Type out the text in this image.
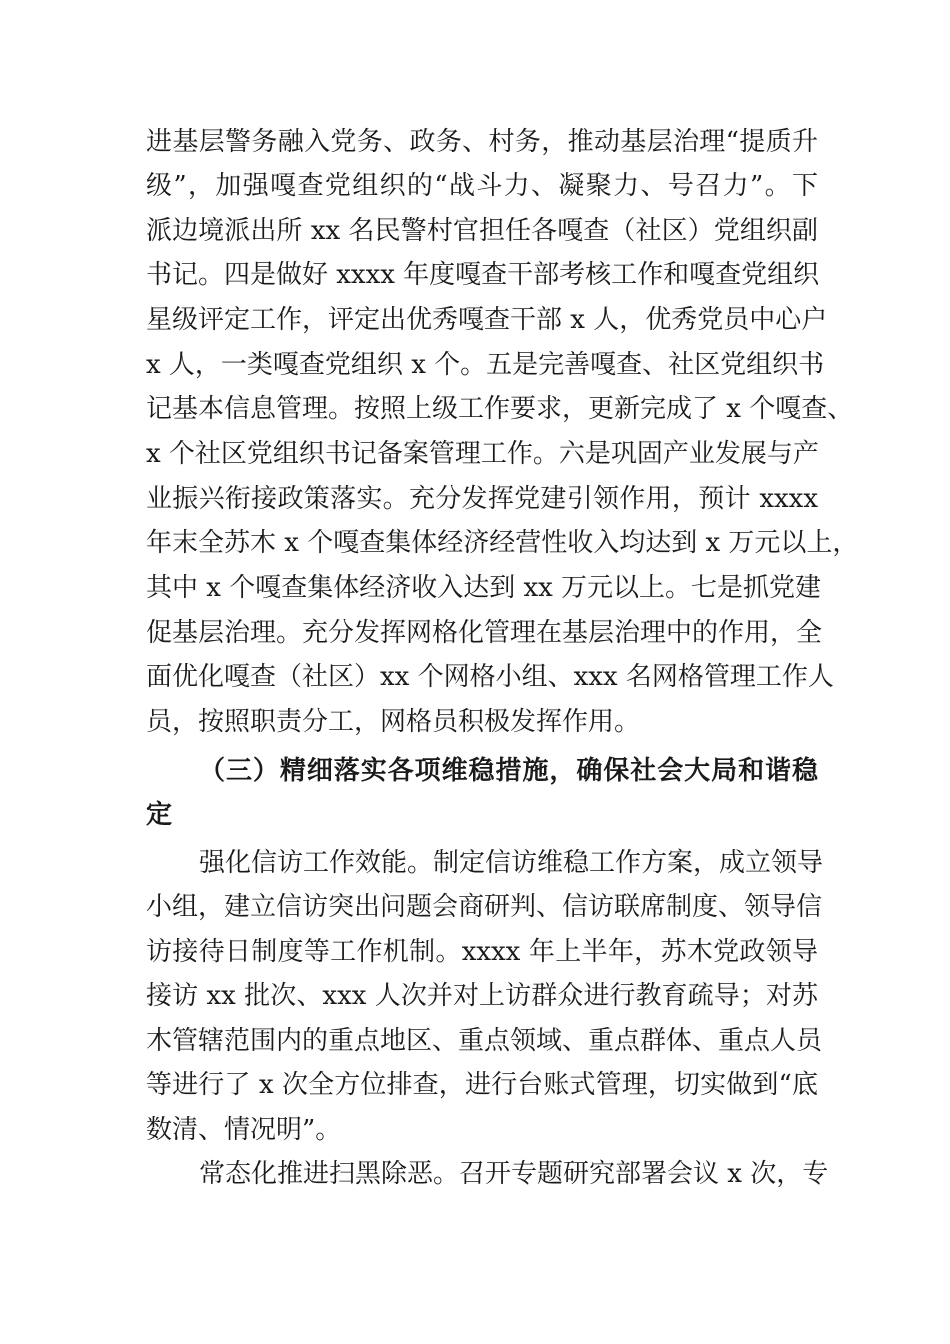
进基层警务融入党务、政务、村务，推动基层治理“提质升
级”，加强嘎查党组织的“战斗力、凝聚力、号召力”。下
派边境派出所 xx 名民警村官担任各嘎查（社区）党组织副
书记。四是做好 xxxx 年度嘎查干部考核工作和嘎查党组织
星级评定工作，评定出优秀嘎查干部 x 人，优秀党员中心户
x 人，一类嘎查党组织 x 个。五是完善嘎查、社区党组织书
记基本信息管理。按照上级工作要求，更新完成了 x 个嘎查、
x 个社区党组织书记备案管理工作。六是巩固产业发展与产
业振兴衔接政策落实。充分发挥党建引领作用，预计 xxxx
年末全苏木 x 个嘎查集体经济经营性收入均达到 x 万元以上，
其中 x 个嘎查集体经济收入达到 xx 万元以上。七是抓党建
促基层治理。充分发挥网格化管理在基层治理中的作用，全
面优化嘎查（社区）xx 个网格小组、xxx 名网格管理工作人
员，按照职责分工，网格员积极发挥作用。
（三）精细落实各项维稳措施，确保社会大局和谐稳
定
强化信访工作效能。制定信访维稳工作方案，成立领导
小组，建立信访突出问题会商研判、信访联席制度、领导信
访接待日制度等工作机制。xxxx 年上半年，苏木党政领导
接访 xx 批次、xxx 人次并对上访群众进行教育疏导；对苏
木管辖范围内的重点地区、重点领域、重点群体、重点人员
等进行了 x 次全方位排查，进行台账式管理，切实做到“底
数清、情况明”。
常态化推进扫黑除恶。召开专题研究部署会议 x 次，专
